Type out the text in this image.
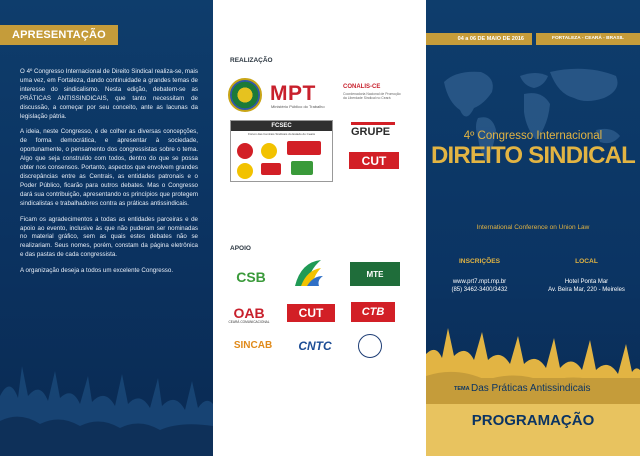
APRESENTAÇÃO

O 4º Congresso Internacional de Direito Sindical realiza-se, mais uma vez, em Fortaleza, dando continuidade a grandes temas de interesse do sindicalismo. Nesta edição, debatem-se as PRÁTICAS ANTISSINDICAIS, que tanto necessitam de discussão, a começar por seu conceito, ante as lacunas da legislação pátria.

A ideia, neste Congresso, é de colher as diversas concepções, de forma democrática, e apresentar à sociedade, oportunamente, o pensamento dos congressistas sobre o tema. Algo que seja construído com todos, dentro do que se possa obter nos consensos. Portanto, aspectos que envolvem grandes discrepâncias entre as Centrais, as entidades patronais e o Poder Público, ficarão para outros debates. Mas o Congresso dará sua contribuição, apresentando os princípios que protegem sindicalistas e trabalhadores contra as práticas antissindicais.

Ficam os agradecimentos a todas as entidades parceiras e de apoio ao evento, inclusive às que não puderam ser nominadas no material gráfico, sem as quais estes debates não se realizariam. Seus nomes, porém, constam da página eletrônica e das pastas de cada congressista.

A organização deseja a todos um excelente Congresso.

REALIZAÇÃO
MPT
Ministério Público do Trabalho
CONALIS-CE
Coordenadoria Nacional de Promoção da Liberdade Sindical no Ceará
FCSEC
Fórum das Centrais Sindicais do Estado do Ceará	GRUPE
CUT
APOIO
CSB	MTE
OAB
CEARÁ COMUNICACIONAL
CUT	CTB
SINCAB	CNTC
04 a 06 DE MAIO DE 2016	FORTALEZA - CEARÁ - BRASIL
4º Congresso Internacional
DIREITO SINDICAL
International Conference on Union Law
INSCRIÇÕES
www.prt7.mpt.mp.br
(85) 3462-3400/3432
LOCAL
Hotel Ponta Mar
Av. Beira Mar, 220 - Meireles
TEMA Das Práticas Antissindicais
PROGRAMAÇÃO
